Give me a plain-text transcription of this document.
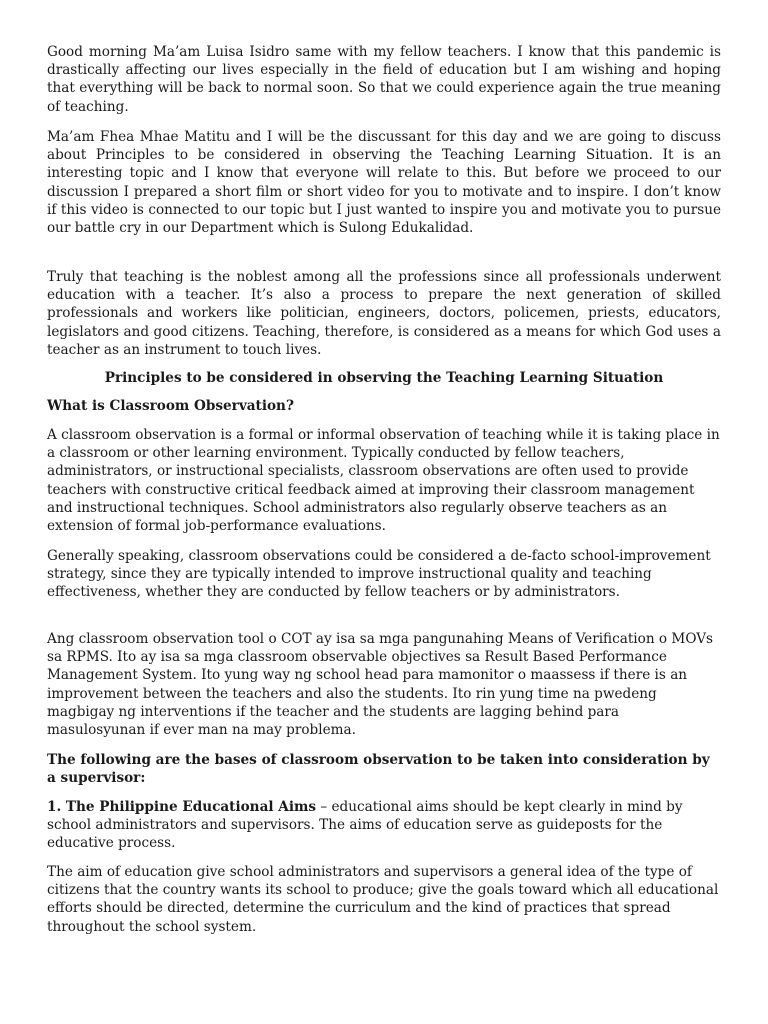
Good morning Ma’am Luisa Isidro same with my fellow teachers. I know that this pandemic is drastically affecting our lives especially in the field of education but I am wishing and hoping that everything will be back to normal soon. So that we could experience again the true meaning of teaching.

Ma’am Fhea Mhae Matitu and I will be the discussant for this day and we are going to discuss about Principles to be considered in observing the Teaching Learning Situation. It is an interesting topic and I know that everyone will relate to this. But before we proceed to our discussion I prepared a short film or short video for you to motivate and to inspire. I don’t know if this video is connected to our topic but I just wanted to inspire you and motivate you to pursue our battle cry in our Department which is Sulong Edukalidad.

Truly that teaching is the noblest among all the professions since all professionals underwent education with a teacher. It’s also a process to prepare the next generation of skilled professionals and workers like politician, engineers, doctors, policemen, priests, educators, legislators and good citizens. Teaching, therefore, is considered as a means for which God uses a teacher as an instrument to touch lives.

Principles to be considered in observing the Teaching Learning Situation

What is Classroom Observation?

A classroom observation is a formal or informal observation of teaching while it is taking place in a classroom or other learning environment. Typically conducted by fellow teachers, administrators, or instructional specialists, classroom observations are often used to provide teachers with constructive critical feedback aimed at improving their classroom management and instructional techniques. School administrators also regularly observe teachers as an extension of formal job-performance evaluations.

Generally speaking, classroom observations could be considered a de-facto school-improvement strategy, since they are typically intended to improve instructional quality and teaching effectiveness, whether they are conducted by fellow teachers or by administrators.

Ang classroom observation tool o COT ay isa sa mga pangunahing Means of Verification o MOVs sa RPMS. Ito ay isa sa mga classroom observable objectives sa Result Based Performance Management System. Ito yung way ng school head para mamonitor o maassess if there is an improvement between the teachers and also the students. Ito rin yung time na pwedeng magbigay ng interventions if the teacher and the students are lagging behind para masulosyunan if ever man na may problema.

The following are the bases of classroom observation to be taken into consideration by a supervisor:

1. The Philippine Educational Aims – educational aims should be kept clearly in mind by school administrators and supervisors. The aims of education serve as guideposts for the educative process.

The aim of education give school administrators and supervisors a general idea of the type of citizens that the country wants its school to produce; give the goals toward which all educational efforts should be directed, determine the curriculum and the kind of practices that spread throughout the school system.
